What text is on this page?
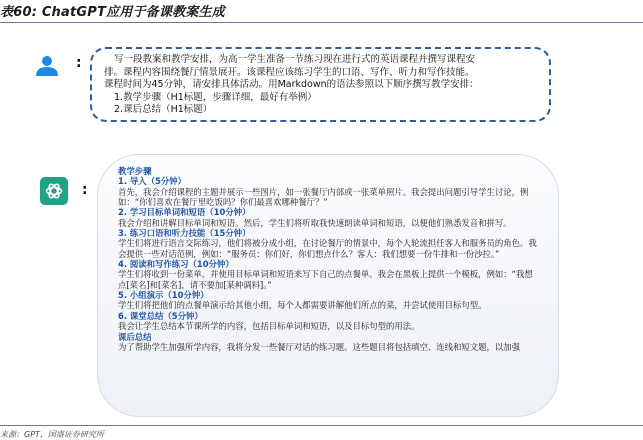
表60: ChatGPT应用于备课教案生成
:	写一段教案和教学安排，为高一学生准备一节练习现在进行式的英语课程并撰写课程安
排。课程内容围绕餐厅情景展开。该课程应该练习学生的口语、写作、听力和写作技能。
课程时间为45分钟，请安排具体活动。用Markdown的语法参照以下顺序撰写教学安排：
1.教学步骤（H1标题，步骤详细，最好有举例）
2.课后总结（H1标题）

:
教学步骤
1. 导入（5分钟）
首先，我会介绍课程的主题并展示一些图片，如一张餐厅内部或一张菜单照片。我会提出问题引导学生讨论，例如：“你们喜欢在餐厅里吃饭吗？你们最喜欢哪种餐厅？”
2. 学习目标单词和短语（10分钟）
我会介绍和讲解目标单词和短语。然后，学生们将听取我快速朗读单词和短语，以便他们熟悉发音和拼写。
3. 练习口语和听力技能（15分钟）
学生们将进行语言交际练习，他们将被分成小组，在讨论餐厅的情景中，每个人轮流担任客人和服务员的角色。我会提供一些对话范例，例如：“服务员：你们好，你们想点什么？客人：我们想要一份牛排和一份沙拉。”
4. 阅读和写作练习（10分钟）
学生们将收到一份菜单，并使用目标单词和短语来写下自己的点餐单。我会在黑板上提供一个模板，例如：“我想点[菜名]和[菜名]，请不要加[某种调料]。”
5. 小组演示（10分钟）
学生们将把他们的点餐单演示给其他小组，每个人都需要讲解他们所点的菜，并尝试使用目标句型。
6. 课堂总结（5分钟）
我会让学生总结本节课所学的内容，包括目标单词和短语，以及目标句型的用法。
课后总结
为了帮助学生加强所学内容，我将分发一些餐厅对话的练习题。这些题目将包括填空、连线和短文题，以加强
来源：GPT，国盛证券研究所
